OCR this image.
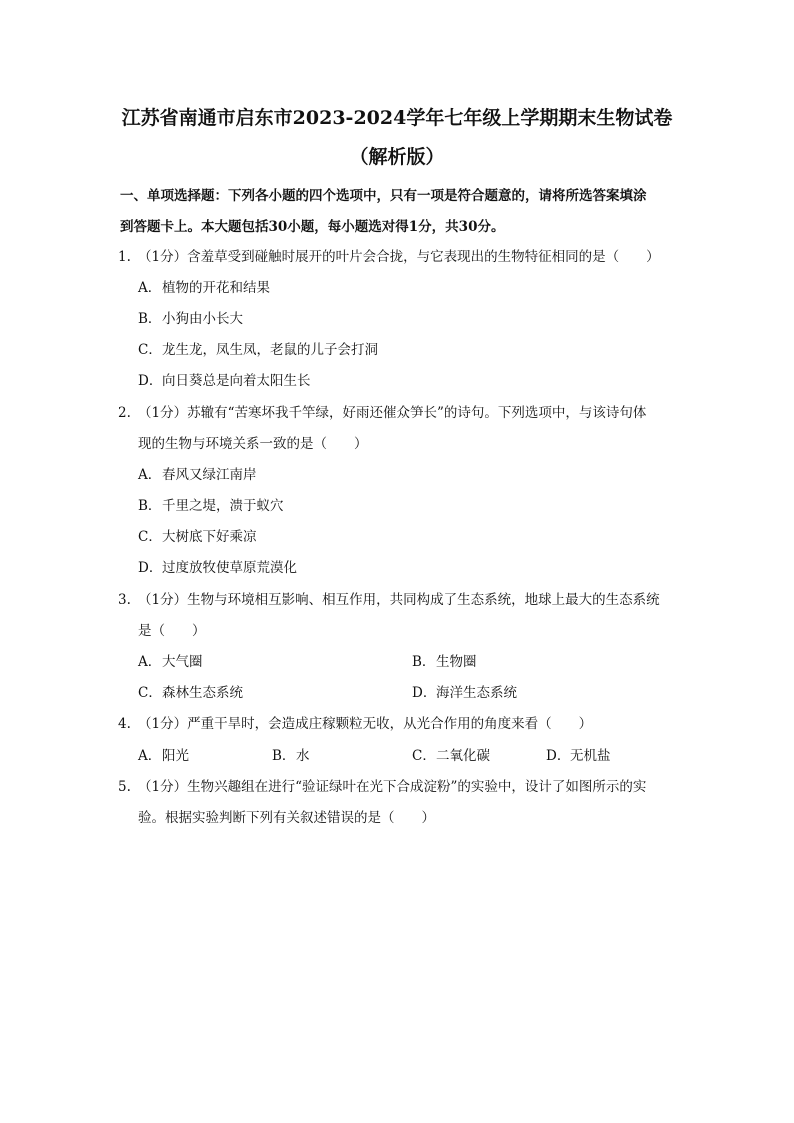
江苏省南通市启东市2023-2024学年七年级上学期期末生物试卷
（解析版）
一、单项选择题：下列各小题的四个选项中，只有一项是符合题意的，请将所选答案填涂
到答题卡上。本大题包括30小题，每小题选对得1分，共30分。
1. （1分）含羞草受到碰触时展开的叶片会合拢，与它表现出的生物特征相同的是（　　）
A．植物的开花和结果
B．小狗由小长大
C．龙生龙，凤生凤，老鼠的儿子会打洞
D．向日葵总是向着太阳生长
2. （1分）苏辙有“苦寒坏我千竿绿，好雨还催众笋长”的诗句。下列选项中，与该诗句体
现的生物与环境关系一致的是（　　）
A．春风又绿江南岸
B．千里之堤，溃于蚁穴
C．大树底下好乘凉
D．过度放牧使草原荒漠化
3. （1分）生物与环境相互影响、相互作用，共同构成了生态系统，地球上最大的生态系统
是（　　）
A．大气圈	B．生物圈
C．森林生态系统	D．海洋生态系统
4. （1分）严重干旱时，会造成庄稼颗粒无收，从光合作用的角度来看（　　）
A．阳光	B．水	C．二氧化碳	D．无机盐
5. （1分）生物兴趣组在进行“验证绿叶在光下合成淀粉”的实验中，设计了如图所示的实
验。根据实验判断下列有关叙述错误的是（　　）
